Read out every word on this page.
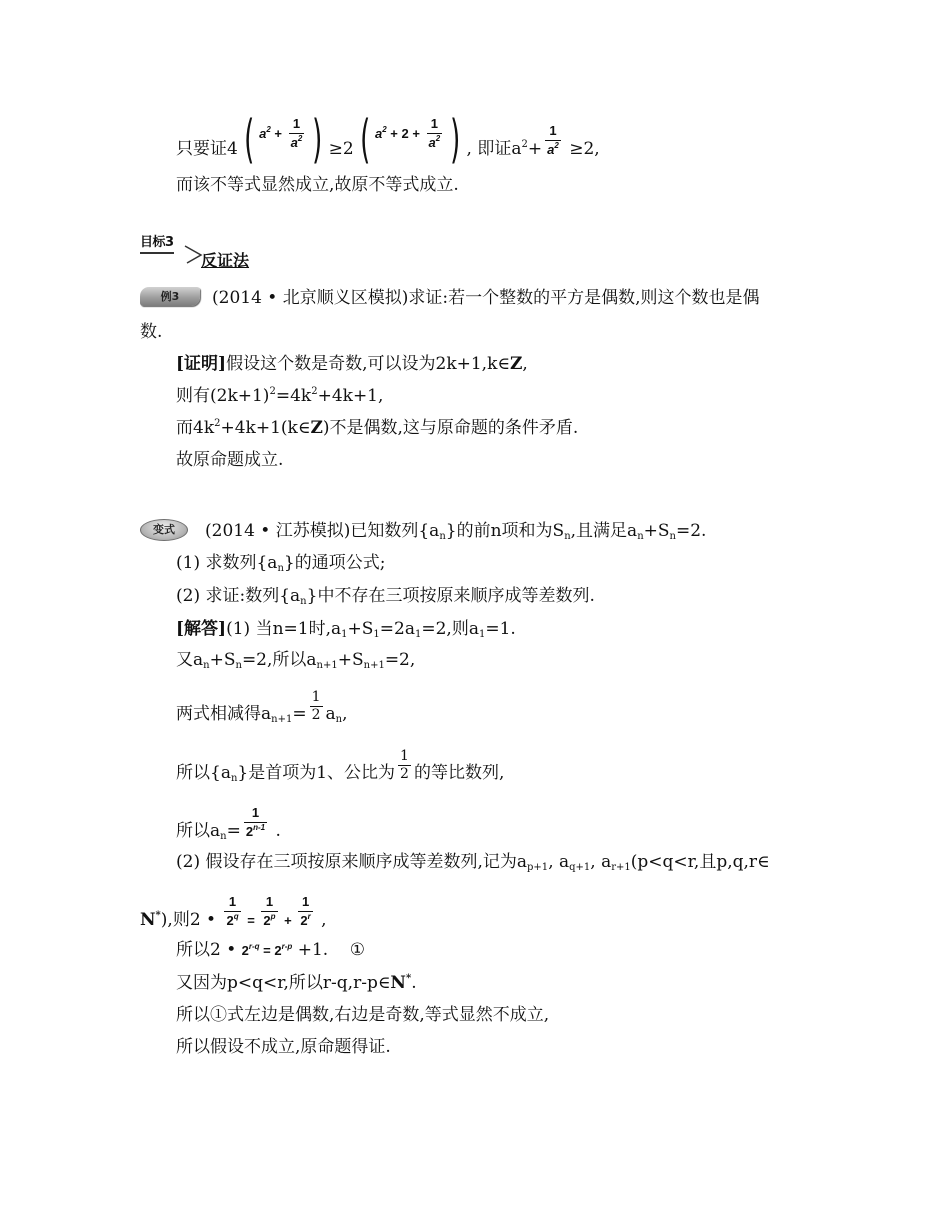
只要证4 ( $a^2 + \frac{1}{a^2}$ ) ≥2 ( $a^2 + 2 + \frac{1}{a^2}$ ) , 即证$a^2+ \frac{1}{a^2} \ge 2$,
而该不等式显然成立,故原不等式成立.
目标3
反证法
例3	(2014 • 北京顺义区模拟)求证:若一个整数的平方是偶数,则这个数也是偶
数.
[证明]假设这个数是奇数,可以设为2k+1,k∈Z,
则有$(2k+1)^2=4k^2+4k+1$,
而$4k^2+4k+1(k\in Z)$不是偶数,这与原命题的条件矛盾.
故原命题成立.
变式	(2014 • 江苏模拟)已知数列$\{a_n\}$的前n项和为$S_n$,且满足$a_n+S_n=2$.
(1) 求数列$\{a_n\}$的通项公式;
(2) 求证:数列$\{a_n\}$中不存在三项按原来顺序成等差数列.
[解答](1) 当n=1时$,a_1+S_1=2a_1=2$,则$a_1=1$.
又$a_n+S_n=2$,所以$a_{n+1}+S_{n+1}=2$,
两式相减得$a_{n+1}= \frac{1}{2} a_n$,
所以$\{a_n\}$是首项为1、公比为 $\frac{1}{2}$ 的等比数列,
所以$a_n= \frac{1}{2^{n-1}}$ .
(2) 假设存在三项按原来顺序成等差数列,记为$a_{p+1}$, $a_{q+1}$, $a_{r+1}(p<q<r$,且p,q,r∈
N*),则2 • $\frac{1}{2^q} = \frac{1}{2^p} + \frac{1}{2^r}$ ,
所以2 • $2^{r-q} = 2^{r-p} +1$.    ①
又因为p<q<r,所以r-q,r-p∈N*.
所以①式左边是偶数,右边是奇数,等式显然不成立,
所以假设不成立,原命题得证.
